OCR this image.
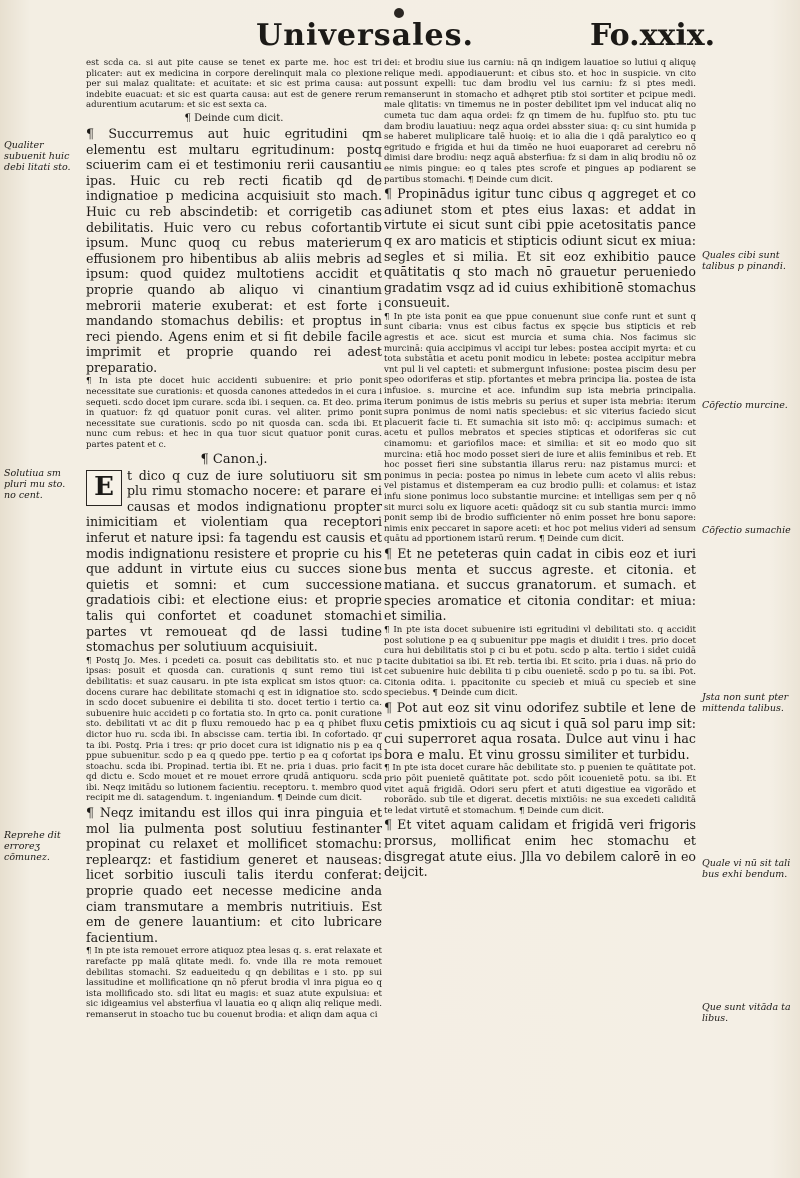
Universales.	Fo.xxix.

est scda ca. si aut pite cause se tenet ex parte me. hoc est tri plicater: aut ex medicina in corpore derelinquit mala co plexione per sui malaz qualitate: et acuitate: et sic est prima causa: aut indebite euacuat: et sic est quarta causa: aut est de genere rerum adurentium acutarum: et sic est sexta ca.

¶ Deinde cum dicit.

¶ Succurremus aut huic egritudini qm elementu est multaru egritudinum: postq sciuerim cam ei et testimoniu rerii causantiu ipas. Huic cu reb recti ficatib qd de indignatioe p medicina acquisiuit sto mach. Huic cu reb abscindetib: et corrigetib cas debilitatis. Huic vero cu rebus cofortantib ipsum. Munc quoq cu rebus materierum effusionem pro hibentibus ab aliis mebris ad ipsum: quod quidez multotiens accidit et proprie quando ab aliquo vi cinantium mebrorii materie exuberat: et est forte i mandando stomachus debilis: et proptus in reci piendo. Agens enim et si fit debile facile imprimit et proprie quando rei adest preparatio.

¶ In ista pte docet huic accidenti subuenire: et prio ponit necessitate sue curationis: et quosda canones attededos in ei cura i sequeti. scdo docet ipm curare. scda ibi. i sequen. ca. Et deo. prima in quatuor: fz qd quatuor ponit curas. vel aliter. primo ponit necessitate sue curationis. scdo po nit quosda can. scda ibi. Et nunc cum rebus: et hec in qua tuor sicut quatuor ponit curas. partes patent et c.

¶ Canon.j.

E	t dico q cuz de iure solutiuoru sit sm plu rimu stomacho nocere: et parare ei causas et modos indignationu propter inimicitiam et violentiam qua receptori inferut et nature ipsi: fa tagendu est causis et modis indignationu resistere et proprie cu his que addunt in virtute eius cu succes sione quietis et somni: et cum successione gradatiois cibi: et electione eius: et proprie talis qui confortet et coadunet stomachi partes vt remoueat qd de lassi tudine stomachus per solutiuum acquisiuit.

¶ Postq Jo. Mes. i pcedeti ca. posuit cas debilitatis sto. et nuc p ipsas: posuit et quosda can. curationis q sunt remo tiui ist debilitatis: et suaz causaru. in pte ista explicat sm istos qtuor: ca. docens curare hac debilitate stomachi q est in idignatioe sto. scdo in scdo docet subuenire ei debilita ti sto. docet tertio i tertio ca. subuenire huic accideti p co fortatia sto. In qrto ca. ponit curatione sto. debilitati vt ac dit p fluxu remouedo hac p ea q phibet fluxu dictor huo ru. scda ibi. In abscisse cam. tertia ibi. In cofortado. qr ta ibi. Postq. Pria i tres: qr prio docet cura ist idignatio nis p ea q ppue subuenitur. scdo p ea q quedo ppe. tertio p ea q cofortat ips stoachu. scda ibi. Propinad. tertia ibi. Et ne. pria i duas. prio facit qd dictu e. Scdo mouet et re mouet errore qrudā antiquoru. scda ibi. Neqz imitādu so lutionem facientiu. receptoru. t. membro quod recipit me di. satagendum. t. ingeniandum. ¶ Deinde cum dicit.

¶ Neqz imitandu est illos qui inra pinguia et mol lia pulmenta post solutiuu festinanter propinat cu relaxet et mollificet stomachu: replearqz: et fastidium generet et nauseas: licet sorbitio iusculi talis iterdu conferat: proprie quado eet necesse medicine anda ciam transmutare a membris nutritiuis. Est em de genere lauantium: et cito lubricare facientium.

¶ In pte ista remouet errore atiquoz ptea lesas q. s. erat relaxate et rarefacte pp malā qlitate medi. fo. vnde illa re mota remouet debilitas stomachi. Sz eadueitedu q qn debilitas e i sto. pp sui lassitudine et mollificatione qn nō pferut brodia vl inra pigua eo q ista mollificado sto. sdi litat eu magis: et suaz atute expulsiua: et sic idigeamius vel absterfiua vl lauatia eo q aliqn aliq relique medi. remanserut in stoacho tuc bu couenut brodia: et aliqn dam aqua ci

dei: et brodiu siue ius carniu: nā qn indigem lauatioe so lutiui q aliquę relique medi. appodiauerunt: et cibus sto. et hoc in suspicie. vn cito possunt expelli: tuc dam brodiu vel ius carniu: fz si ptes medi. remanserunt in stomacho et adhęret ptib stoi sortiter et pcipue medi. male qlitatis: vn timemus ne in poster debilitet ipm vel inducat aliq no cumeta tuc dam aqua ordei: fz qn timem de hu. fuplfuo sto. ptu tuc dam brodiu lauatiuu: neqz aqua ordei absster siua: q: cu sint humida p se haberet muliplicare talē huoię: et io alia die i qdā paralytico eo q egritudo e frigida et hui da timēo ne huoi euaporaret ad cerebru nō dimisi dare brodiu: neqz aquā absterfiua: fz si dam in aliq brodiu nō oz ee nimis pingue: eo q tales ptes scrofe et pingues ap podiarent se partibus stomachi. ¶ Deinde cum dicit.

¶ Propinādus igitur tunc cibus q aggreget et co adiunet stom et ptes eius laxas: et addat in virtute ei sicut sunt cibi ppie acetositatis pance q ex aro maticis et stipticis odiunt sicut ex miua: segles et si milia. Et sit eoz exhibitio pauce quātitatis q sto mach nō grauetur perueniedo gradatim vsqz ad id cuius exhibitionē stomachus consueuit.

¶ In pte ista ponit ea que ppue conuenunt siue confe runt et sunt q sunt cibaria: vnus est cibus factus ex spęcie bus stipticis et reb agrestis et ace. sicut est murcia et suma chia. Nos facimus sic murcinā: quia accipimus vl accipi tur lebes: postea accipit myrta: et cu tota substātia et acetu ponit modicu in lebete: postea accipitur mebra vnt pul li vel capteti: et submergunt infusione: postea piscim desu per speo odoriferas et stip. pfortantes et mebra principa lia. postea de ista infusioe. s. murcine et ace. infundim sup ista mebria principalia. iterum ponimus de istis mebris su perius et super ista mebria: iterum supra ponimus de nomi natis speciebus: et sic viterius faciedo sicut placuerit facie ti. Et sumachia sit isto mō: q: accipimus sumach: et acetu et pullos mebratos et species stipticas et odoriferas sic cut cinamomu: et gariofilos mace: et similia: et sit eo modo quo sit murcina: etiā hoc modo posset sieri de iure et aliis feminibus et reb. Et hoc posset fieri sine substantia illarus reru: naz pistamus murci: et ponimus in pecia: postea po nimus in lebete cum aceto vl aliis rebus: vel pistamus et distemperam ea cuz brodio pulli: et colamus: et istaz infu sione ponimus loco substantie murcine: et intelligas sem per q nō sit murci solu ex liquore aceti: quādoqz sit cu sub stantia murci: immo ponit semp ibi de brodio sufficienter nō enim posset hre bonu sapore: nimis enix peccaret in sapore aceti: et hoc pot melius videri ad sensum quātu ad pportionem istarū rerum. ¶ Deinde cum dicit.

¶ Et ne peteteras quin cadat in cibis eoz et iuri bus menta et succus agreste. et citonia. et matiana. et succus granatorum. et sumach. et species aromatice et citonia conditar: et miua: et similia.

¶ In pte ista docet subuenire isti egritudini vl debilitati sto. q accidit post solutione p ea q subuenitur ppe magis et diuidit i tres. prio docet cura hui debilitatis stoi p ci bu et potu. scdo p alta. tertio i sidet cuidā tacite dubitatioi sa ibi. Et reb. tertia ibi. Et scito. pria i duas. nā prio do cet subuenire huic debilita ti p cibu ouenietē. scdo p po tu. sa ibi. Pot. Citonia odita. i. ppacitonite cu specieb et miuā cu specieb et sine speciebus. ¶ Deinde cum dicit.

¶ Pot aut eoz sit vinu odorifez subtile et lene de cetis pmixtiois cu aq sicut i quā sol paru imp sit: cui superroret aqua rosata. Dulce aut vinu i hac bora e malu. Et vinu grossu similiter et turbidu.

¶ In pte ista docet curare hāc debilitate sto. p puenien te quātitate pot. prio pōit puenietē quātitate pot. scdo pōit icouenietē potu. sa ibi. Et vitet aquā frigidā. Odori seru pfert et atuti digestiue ea vigorādo et roborādo. sub tile et digerat. decetis mixtiōis: ne sua excedeti caliditā te ledat virtutē et stomachum. ¶ Deinde cum dicit.

¶ Et vitet aquam calidam et frigidā veri frigoris prorsus, mollificat enim hec stomachu et disgregat atute eius. Jlla vo debilem calorē in eo deijcit.

Qualiter subuenit huic debi litati sto.
Solutiua sm pluri mu sto. no cent.
Reprehe dit erroreʒ cōmunez.
Quales cibi sunt talibus p pinandi.
Cōfectio murcine.
Cōfectio sumachie
Jsta non sunt pter mittenda talibus.
Quale vi nū sit tali bus exhi bendum.
Que sunt vitāda ta libus.
